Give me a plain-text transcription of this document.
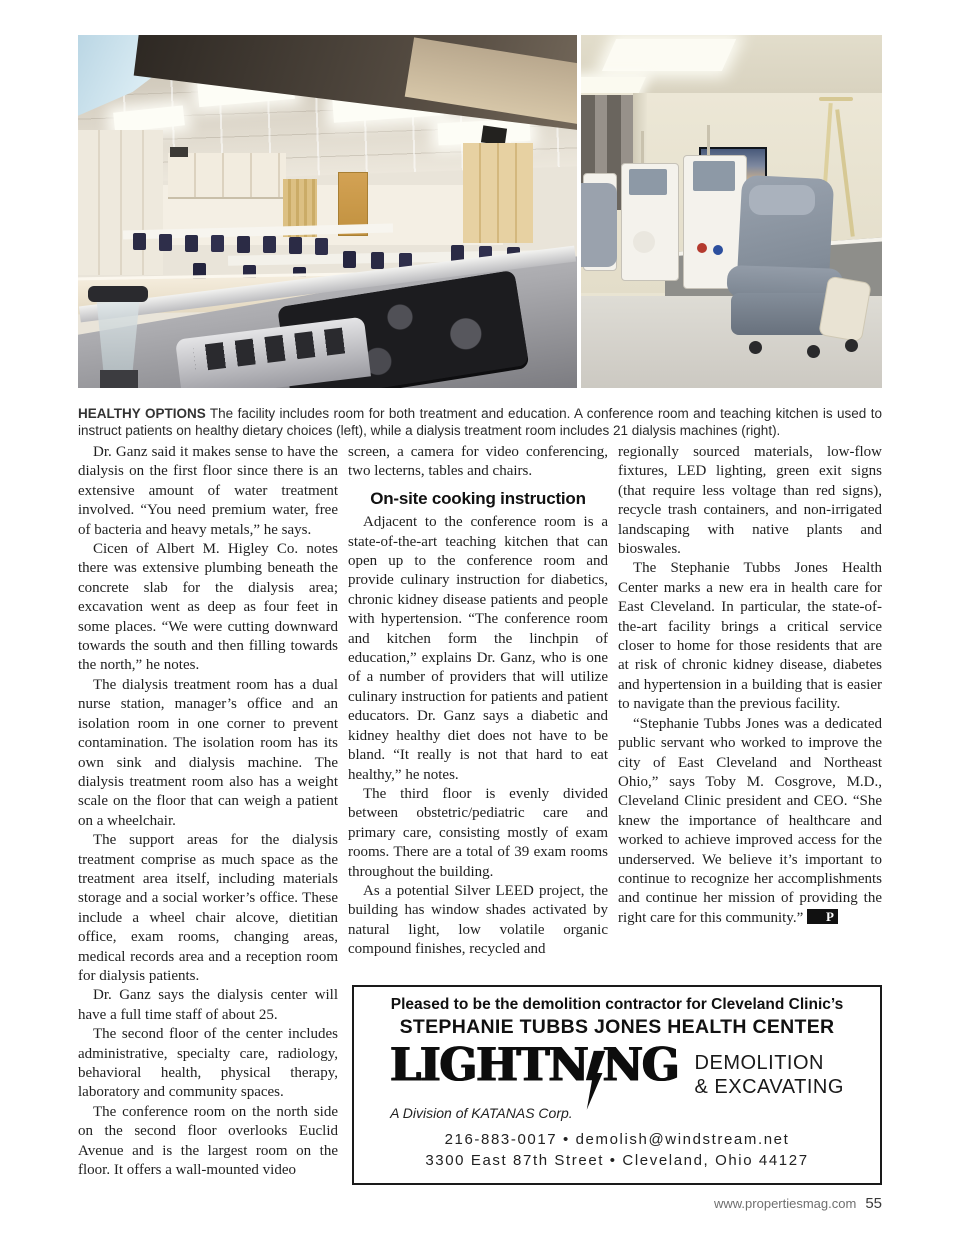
HEALTHY OPTIONS The facility includes room for both treatment and education. A conference room and teaching kitchen is used to instruct patients on healthy dietary choices (left), while a dialysis treatment room includes 21 dialysis machines (right).

Dr. Ganz said it makes sense to have the dialysis on the first floor since there is an extensive amount of water treatment involved. “You need premium water, free of bacteria and heavy metals,” he says.

Cicen of Albert M. Higley Co. notes there was extensive plumbing beneath the concrete slab for the dialysis area; excavation went as deep as four feet in some places. “We were cutting downward towards the south and then filling towards the north,” he notes.

The dialysis treatment room has a dual nurse station, manager’s office and an isolation room in one corner to prevent contamination. The isolation room has its own sink and dialysis machine. The dialysis treatment room also has a weight scale on the floor that can weigh a patient on a wheelchair.

The support areas for the dialysis treatment comprise as much space as the treatment area itself, including materials storage and a social worker’s office. These include a wheel chair alcove, dietitian office, exam rooms, changing areas, medical records area and a reception room for dialysis patients.

Dr. Ganz says the dialysis center will have a full time staff of about 25.

The second floor of the center includes administrative, specialty care, radiology, behavioral health, physical therapy, laboratory and community spaces.

The conference room on the north side on the second floor overlooks Euclid Avenue and is the largest room on the floor. It offers a wall-mounted video

screen, a camera for video conferencing, two lecterns, tables and chairs.

On-site cooking instruction

Adjacent to the conference room is a state-of-the-art teaching kitchen that can open up to the conference room and provide culinary instruction for diabetics, chronic kidney disease patients and people with hypertension. “The conference room and kitchen form the linchpin of education,” explains Dr. Ganz, who is one of a number of providers that will utilize culinary instruction for patients and patient educators. Dr. Ganz says a diabetic and kidney healthy diet does not have to be bland. “It really is not that hard to eat healthy,” he notes.

The third floor is evenly divided between obstetric/pediatric care and primary care, consisting mostly of exam rooms. There are a total of 39 exam rooms throughout the building.

As a potential Silver LEED project, the building has window shades activated by natural light, low volatile organic compound finishes, recycled and

regionally sourced materials, low-flow fixtures, LED lighting, green exit signs (that require less voltage than red signs), recycle trash containers, and non-irrigated landscaping with native plants and bioswales.

The Stephanie Tubbs Jones Health Center marks a new era in health care for East Cleveland. In particular, the state-of-the-art facility brings a critical service closer to home for those residents that are at risk of chronic kidney disease, diabetes and hypertension in a building that is easier to navigate than the previous facility.

“Stephanie Tubbs Jones was a dedicated public servant who worked to improve the city of East Cleveland and Northeast Ohio,” says Toby M. Cosgrove, M.D., Cleveland Clinic president and CEO. “She knew the importance of healthcare and worked to achieve improved access for the underserved. We believe it’s important to continue to recognize her accomplishments and continue her mission of providing the right care for this community.” P

Pleased to be the demolition contractor for Cleveland Clinic’s
STEPHANIE TUBBS JONES HEALTH CENTER
LIGHTN NG
A Division of KATANAS Corp.
DEMOLITION
& EXCAVATING
216-883-0017 • demolish@windstream.net
3300 East 87th Street • Cleveland, Ohio 44127
www.propertiesmag.com 55
